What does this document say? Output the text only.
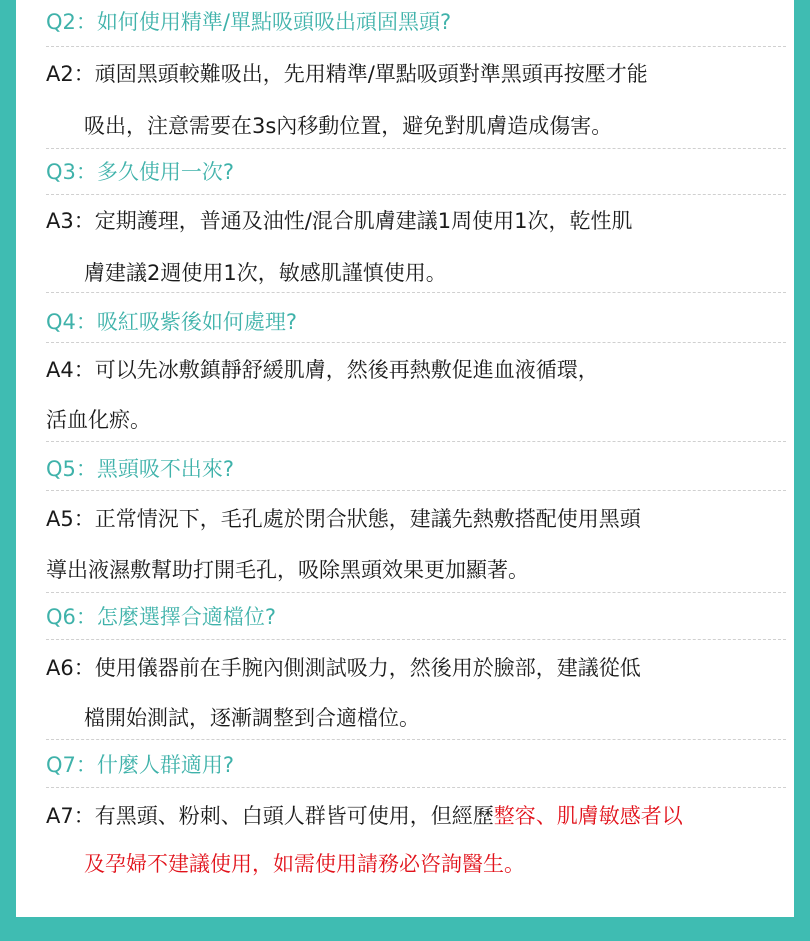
Q2：如何使用精準/單點吸頭吸出頑固黑頭?
A2：頑固黑頭較難吸出，先用精準/單點吸頭對準黑頭再按壓才能
吸出，注意需要在3s內移動位置，避免對肌膚造成傷害。
Q3：多久使用一次?
A3：定期護理，普通及油性/混合肌膚建議1周使用1次，乾性肌
膚建議2週使用1次，敏感肌謹慎使用。
Q4：吸紅吸紫後如何處理?
A4：可以先冰敷鎮靜舒緩肌膚，然後再熱敷促進血液循環，
活血化瘀。
Q5：黑頭吸不出來?
A5：正常情況下，毛孔處於閉合狀態，建議先熱敷搭配使用黑頭
導出液濕敷幫助打開毛孔，吸除黑頭效果更加顯著。
Q6：怎麼選擇合適檔位?
A6：使用儀器前在手腕內側測試吸力，然後用於臉部，建議從低
檔開始測試，逐漸調整到合適檔位。
Q7：什麼人群適用?
A7：有黑頭、粉刺、白頭人群皆可使用，但經歷整容、肌膚敏感者以
及孕婦不建議使用，如需使用請務必咨詢醫生。
